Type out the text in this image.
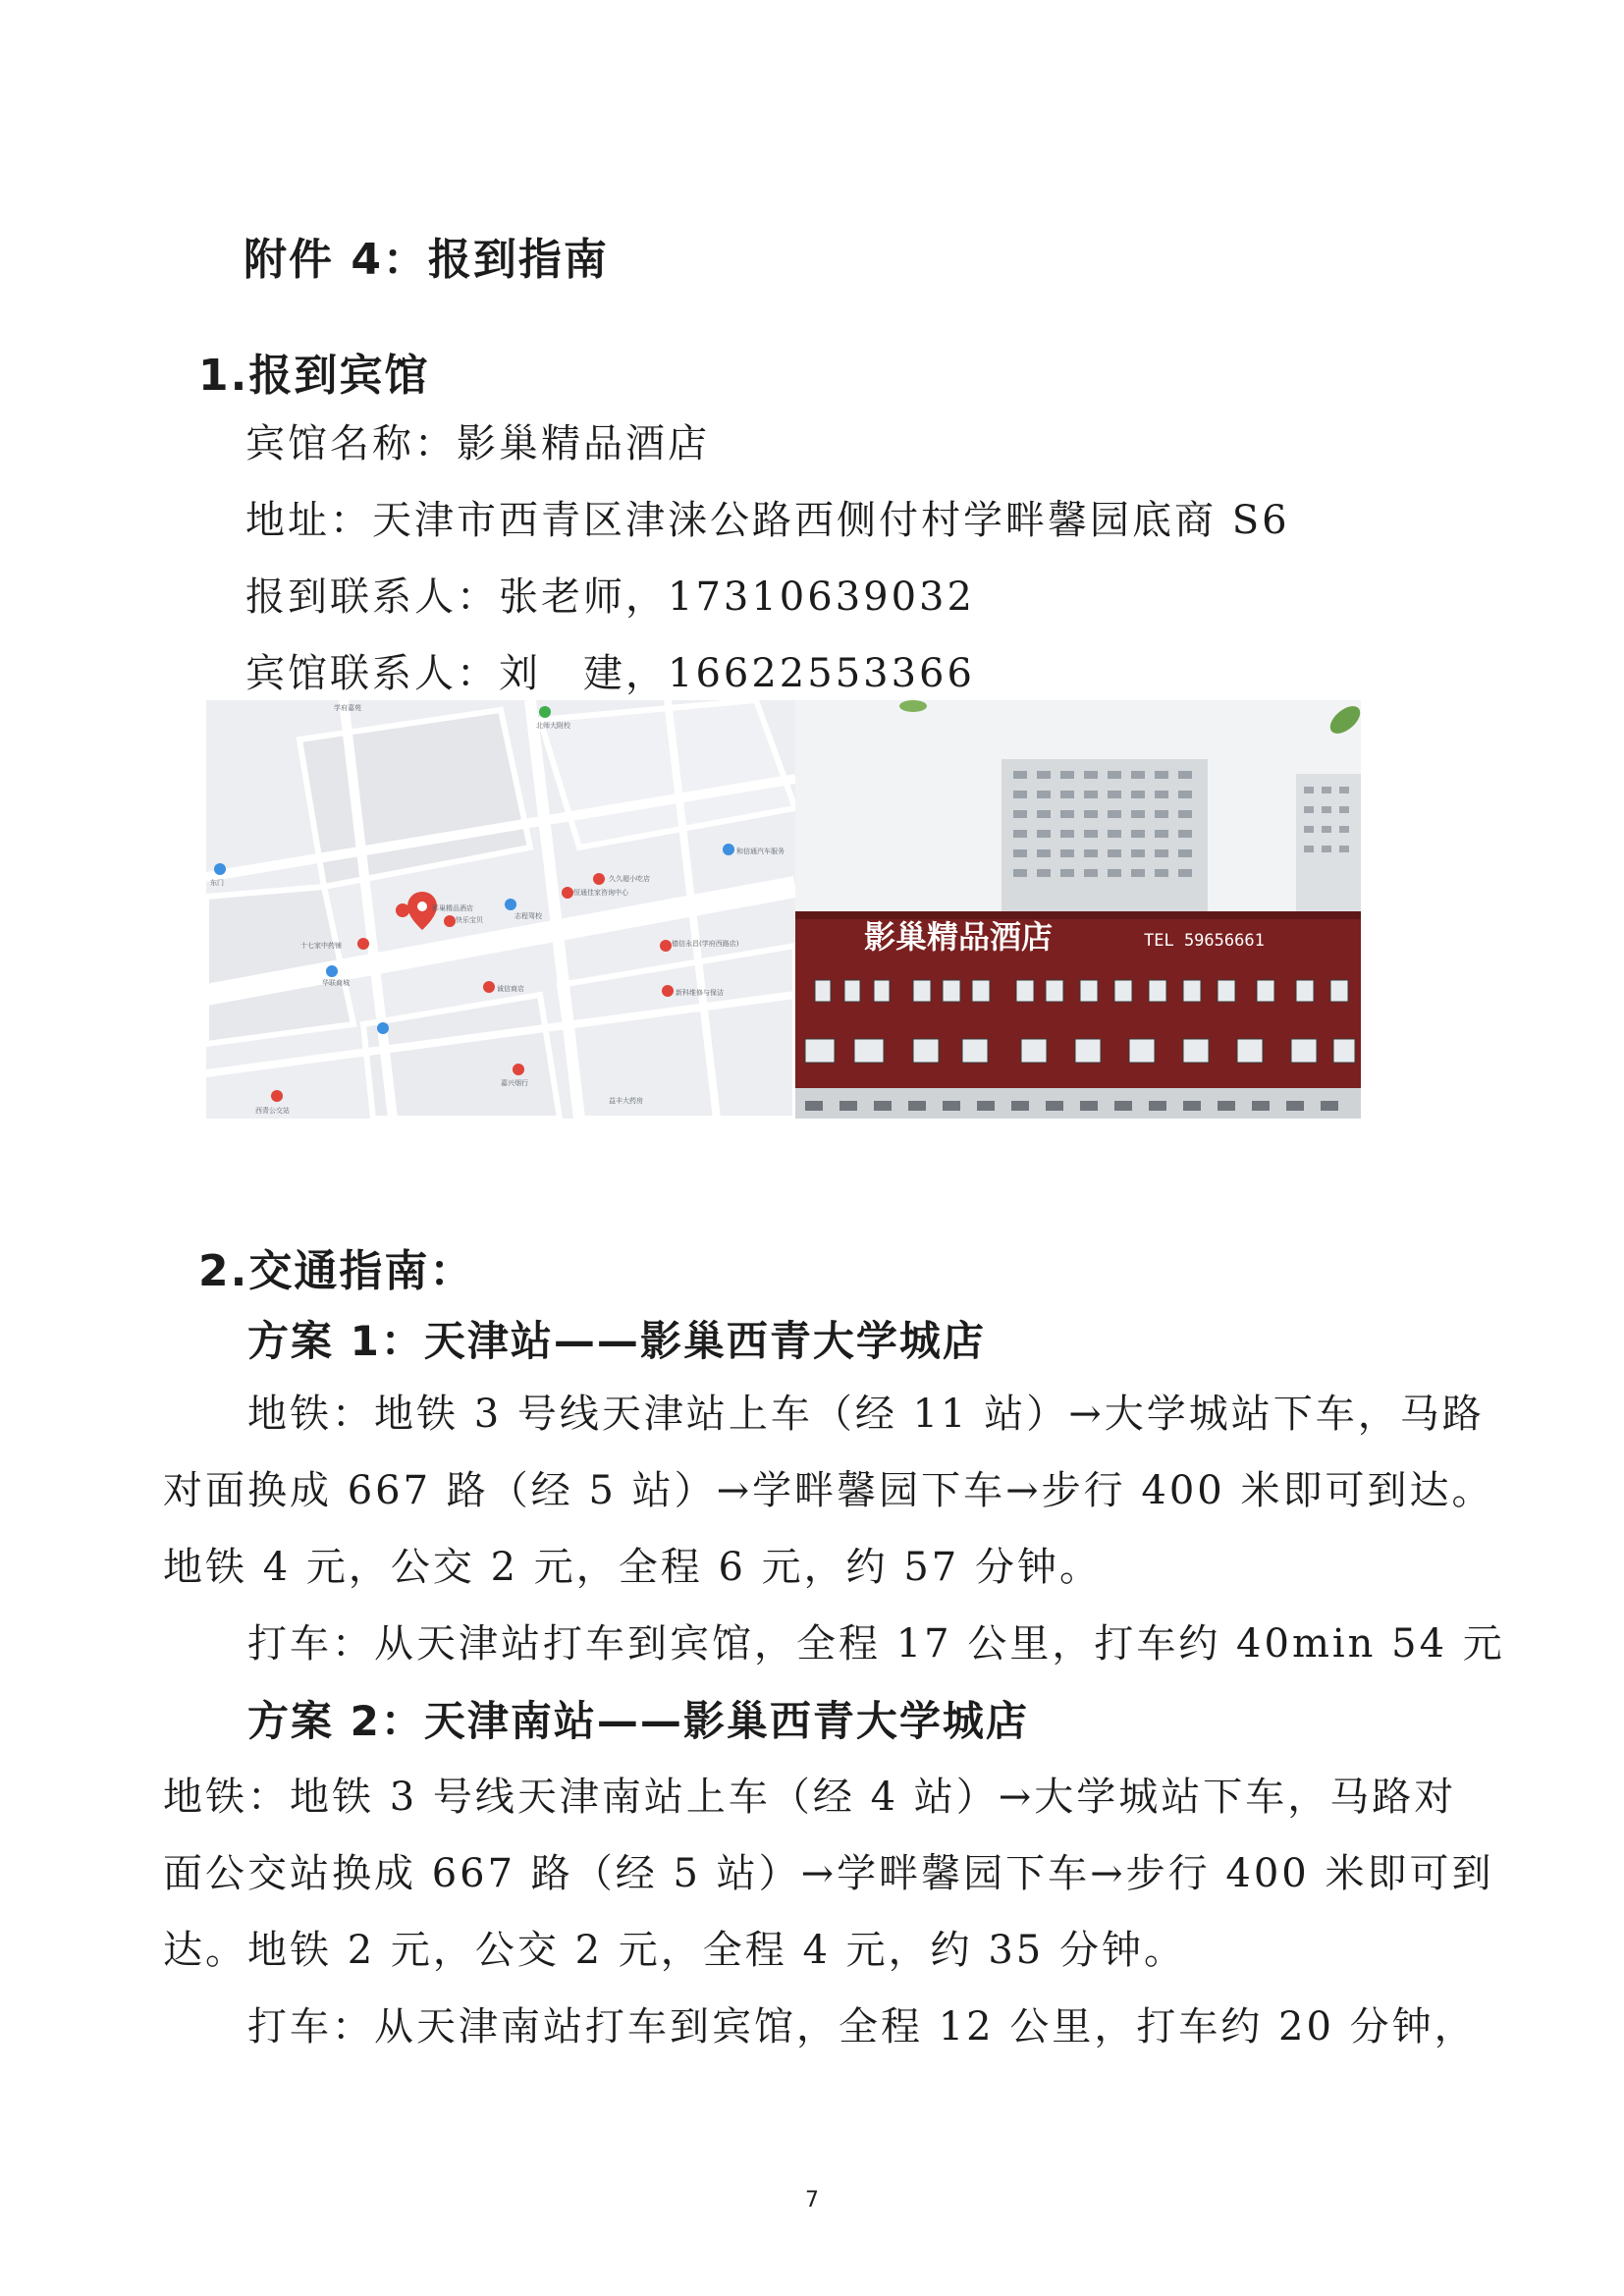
附件 4：报到指南
1.报到宾馆
宾馆名称：影巢精品酒店
地址：天津市西青区津涞公路西侧付村学畔馨园底商 S6
报到联系人：张老师，17310639032
宾馆联系人：刘　建，16622553366
学府嘉苑
北师大附校
东门
影巢精品酒店
快乐宝贝	志程驾校
恒通佳家咨询中心
久久超小吃店
和信通汽车服务
十七家中药铺
华联商城
诚信商店
德信永昌(学府西路店)
新科维修与保洁
嘉兴烟行
西青公交站
益丰大药房
影巢精品酒店	TEL 59656661
2.交通指南：
方案 1：天津站——影巢西青大学城店
地铁：地铁 3 号线天津站上车（经 11 站）→大学城站下车，马路
对面换成 667 路（经 5 站）→学畔馨园下车→步行 400 米即可到达。
地铁 4 元，公交 2 元，全程 6 元，约 57 分钟。
打车：从天津站打车到宾馆，全程 17 公里，打车约 40min 54 元
方案 2：天津南站——影巢西青大学城店
地铁：地铁 3 号线天津南站上车（经 4 站）→大学城站下车，马路对
面公交站换成 667 路（经 5 站）→学畔馨园下车→步行 400 米即可到
达。地铁 2 元，公交 2 元，全程 4 元，约 35 分钟。
打车：从天津南站打车到宾馆，全程 12 公里，打车约 20 分钟，
7
